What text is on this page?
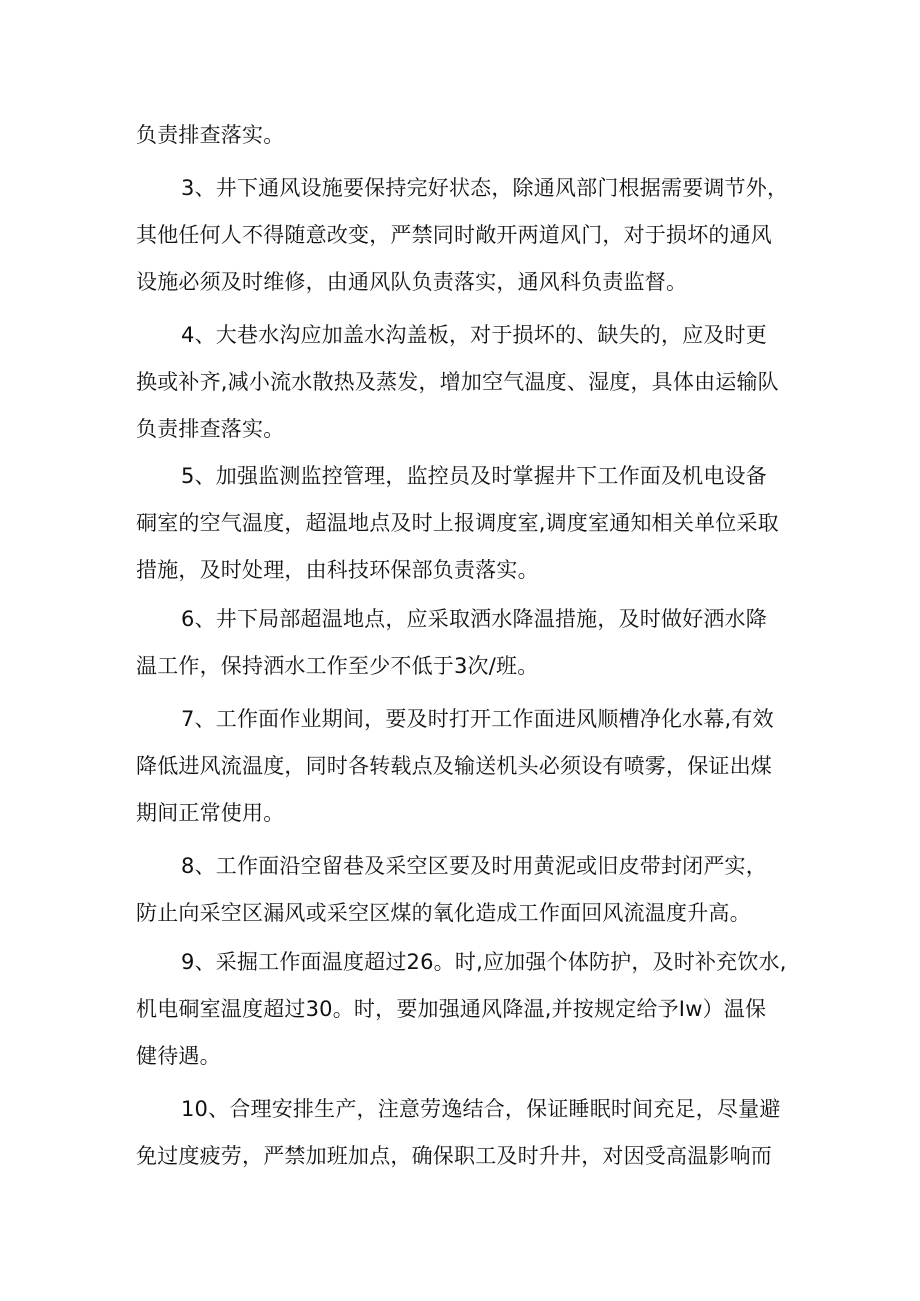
负责排查落实。
3、井下通风设施要保持完好状态，除通风部门根据需要调节外，
其他任何人不得随意改变，严禁同时敞开两道风门，对于损坏的通风
设施必须及时维修，由通风队负责落实，通风科负责监督。
4、大巷水沟应加盖水沟盖板，对于损坏的、缺失的，应及时更
换或补齐,减小流水散热及蒸发，增加空气温度、湿度，具体由运输队
负责排查落实。
5、加强监测监控管理，监控员及时掌握井下工作面及机电设备
硐室的空气温度，超温地点及时上报调度室,调度室通知相关单位采取
措施，及时处理，由科技环保部负责落实。
6、井下局部超温地点，应采取洒水降温措施，及时做好洒水降
温工作，保持洒水工作至少不低于3次/班。
7、工作面作业期间，要及时打开工作面进风顺槽净化水幕,有效
降低进风流温度，同时各转载点及输送机头必须设有喷雾，保证出煤
期间正常使用。
8、工作面沿空留巷及采空区要及时用黄泥或旧皮带封闭严实，
防止向采空区漏风或采空区煤的氧化造成工作面回风流温度升高。
9、采掘工作面温度超过26。时,应加强个体防护，及时补充饮水,
机电硐室温度超过30。时，要加强通风降温,并按规定给予Iw）温保
健待遇。
10、合理安排生产，注意劳逸结合，保证睡眠时间充足，尽量避
免过度疲劳，严禁加班加点，确保职工及时升井，对因受高温影响而
